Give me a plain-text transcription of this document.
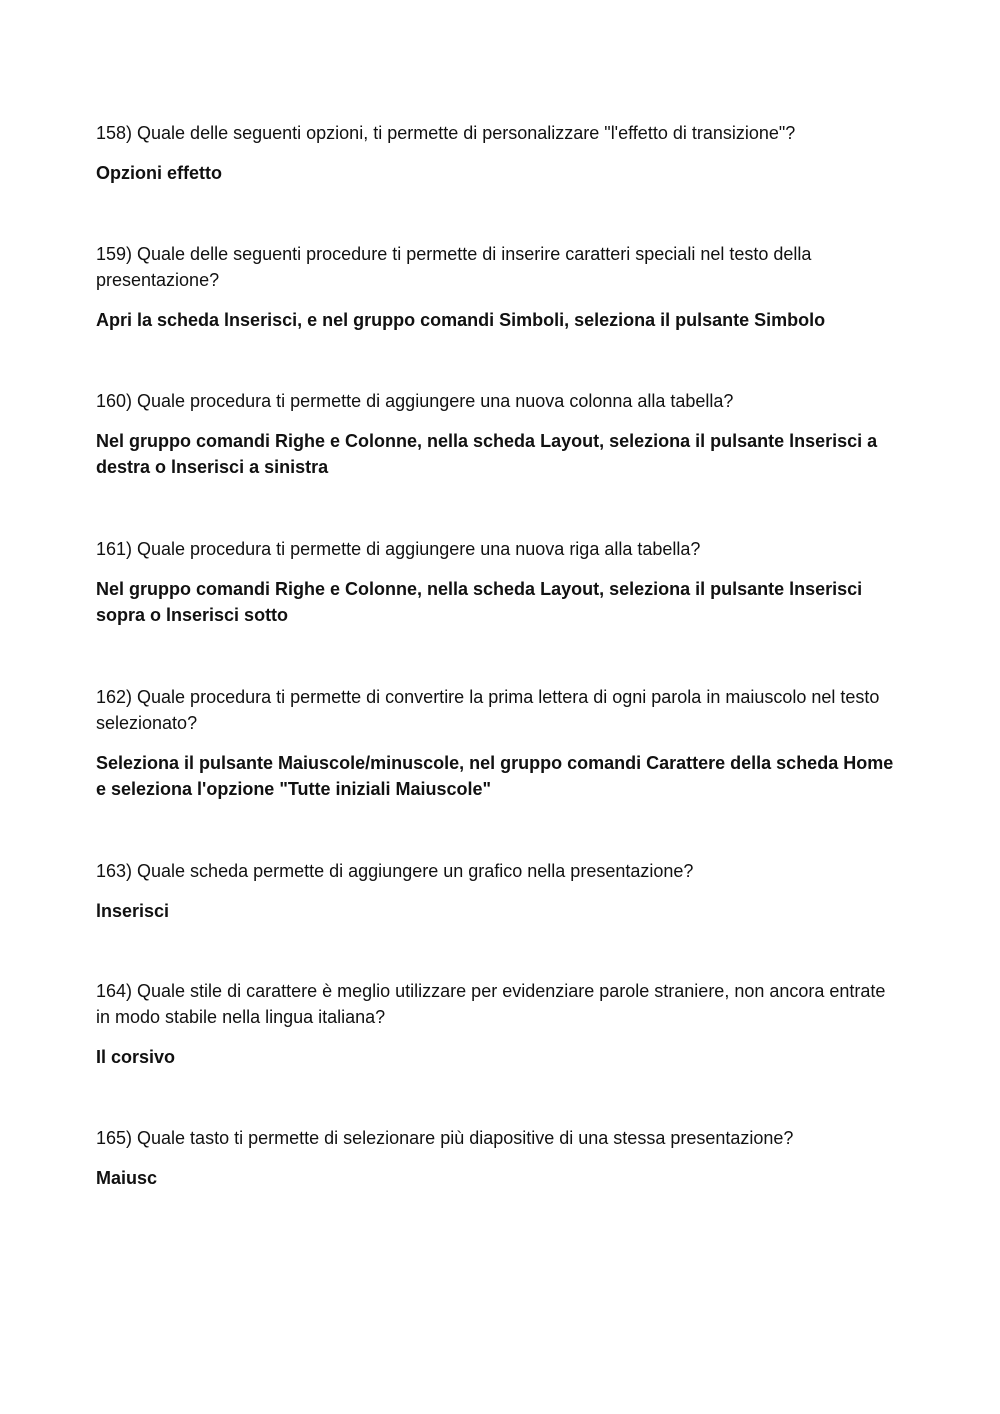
158) Quale delle seguenti opzioni, ti permette di personalizzare "l'effetto di transizione"?

Opzioni effetto

159) Quale delle seguenti procedure ti permette di inserire caratteri speciali nel testo della presentazione?

Apri la scheda lnserisci, e nel gruppo comandi Simboli, seleziona il pulsante Simbolo

160) Quale procedura ti permette di aggiungere una nuova colonna alla tabella?

Nel gruppo comandi Righe e Colonne, nella scheda Layout, seleziona il pulsante lnserisci a destra o lnserisci a sinistra

161) Quale procedura ti permette di aggiungere una nuova riga alla tabella?

Nel gruppo comandi Righe e Colonne, nella scheda Layout, seleziona il pulsante lnserisci sopra o lnserisci sotto

162) Quale procedura ti permette di convertire la prima lettera di ogni parola in maiuscolo nel testo selezionato?

Seleziona il pulsante Maiuscole/minuscole, nel gruppo comandi Carattere della scheda Home e seleziona l'opzione "Tutte iniziali Maiuscole"

163) Quale scheda permette di aggiungere un grafico nella presentazione?

lnserisci

164) Quale stile di carattere è meglio utilizzare per evidenziare parole straniere, non ancora entrate in modo stabile nella lingua italiana?

Il corsivo

165) Quale tasto ti permette di selezionare più diapositive di una stessa presentazione?

Maiusc
